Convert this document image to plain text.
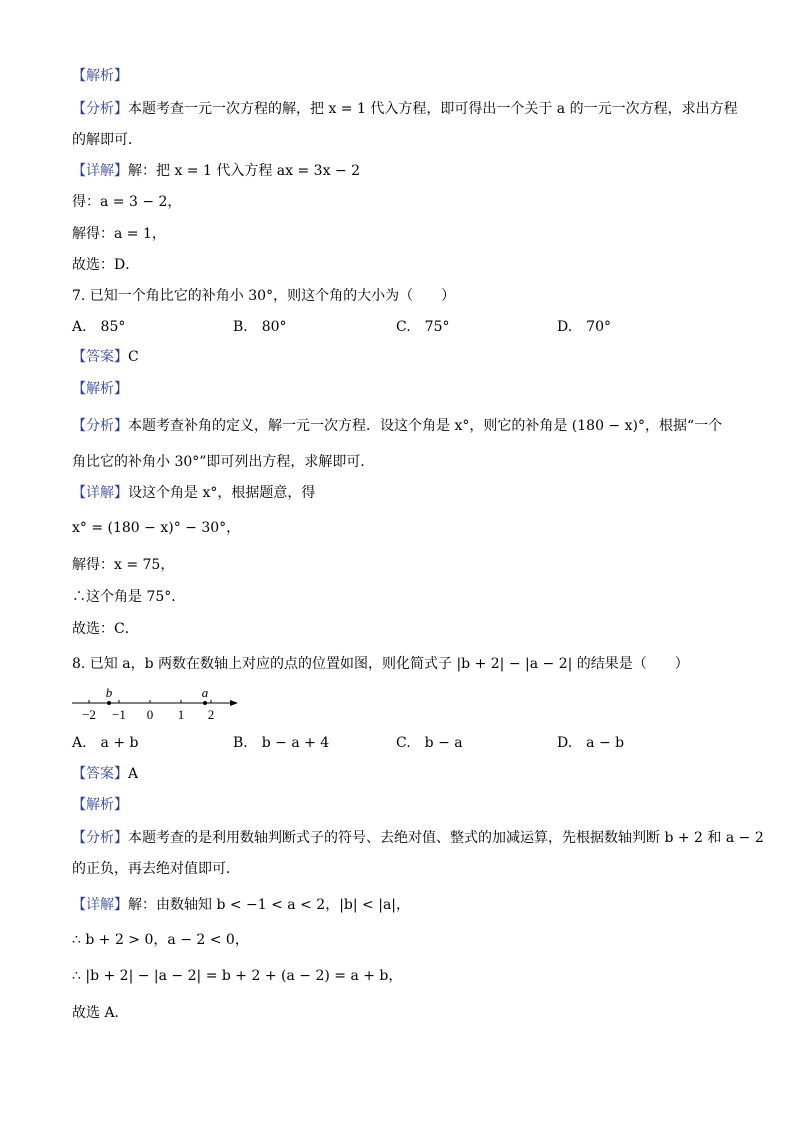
【解析】
【分析】本题考查一元一次方程的解，把 x = 1 代入方程，即可得出一个关于 a 的一元一次方程，求出方程
的解即可．
【详解】解：把 x = 1 代入方程 ax = 3x − 2
得：a = 3 − 2，
解得：a = 1，
故选：D．
7. 已知一个角比它的补角小 30°，则这个角的大小为（　　）
A.　85°	B.　80°	C.　75°	D.　70°
【答案】C
【解析】
【分析】本题考查补角的定义，解一元一次方程．设这个角是 x°，则它的补角是 (180 − x)°，根据“一个
角比它的补角小 30°”即可列出方程，求解即可．
【详解】设这个角是 x°，根据题意，得
x° = (180 − x)° − 30°，
解得：x = 75，
∴这个角是 75°．
故选：C．
8. 已知 a，b 两数在数轴上对应的点的位置如图，则化简式子 |b + 2| − |a − 2| 的结果是（　　）
b	a
−2 −1 0 1 2
A.　a + b	B.　b − a + 4	C.　b − a	D.　a − b
【答案】A
【解析】
【分析】本题考查的是利用数轴判断式子的符号、去绝对值、整式的加减运算，先根据数轴判断 b + 2 和 a − 2
的正负，再去绝对值即可．
【详解】解：由数轴知 b < −1 < a < 2，|b| < |a|，
∴ b + 2 > 0，a − 2 < 0，
∴ |b + 2| − |a − 2| = b + 2 + (a − 2) = a + b，
故选 A．
